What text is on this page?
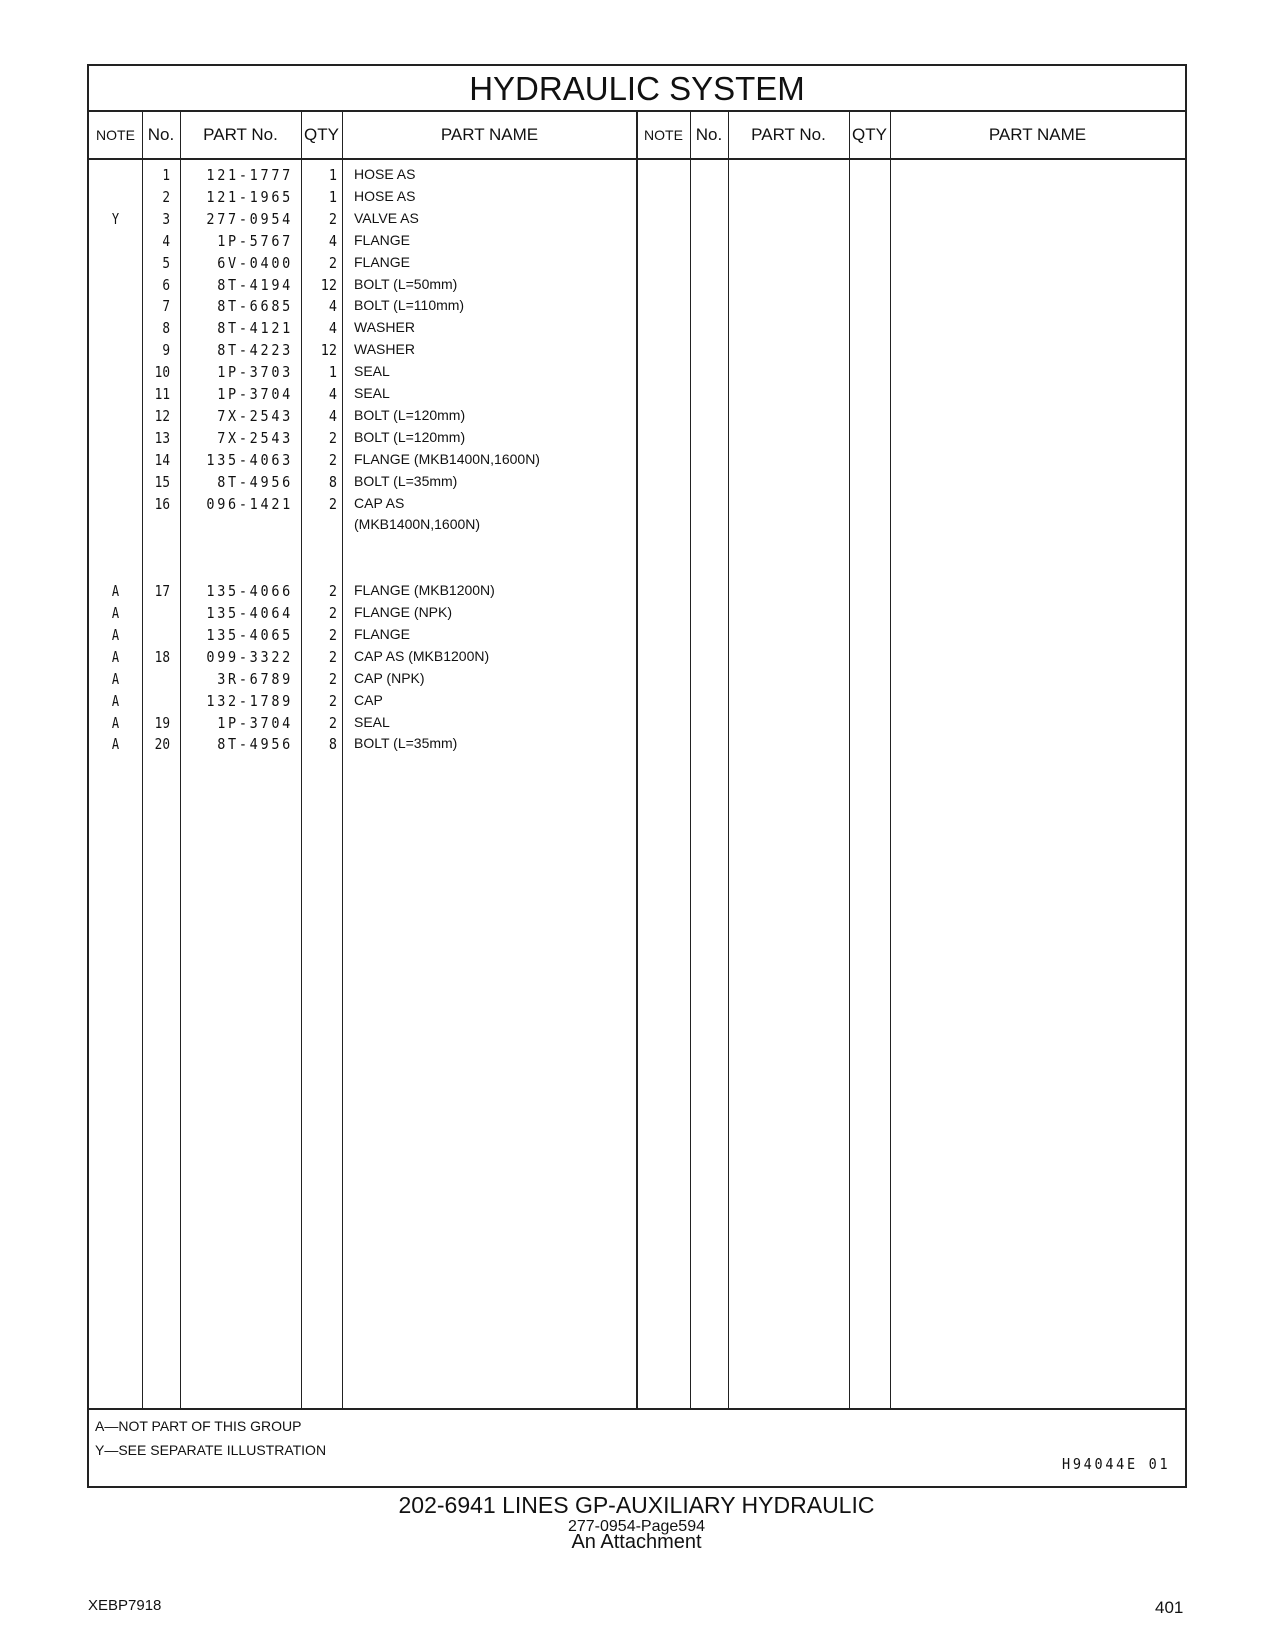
HYDRAULIC SYSTEM
NOTE No.	PART No.	QTY	PART NAME	NOTE No.	PART No.	QTY	PART NAME
1	121-1777	1 HOSE AS
2	121-1965	1 HOSE AS
Y	3	277-0954	2 VALVE AS
4	1P-5767	4 FLANGE
5	6V-0400	2 FLANGE
6	8T-4194	12 BOLT (L=50mm)
7	8T-6685	4 BOLT (L=110mm)
8	8T-4121	4 WASHER
9	8T-4223	12 WASHER
10	1P-3703	1 SEAL
11	1P-3704	4 SEAL
12	7X-2543	4 BOLT (L=120mm)
13	7X-2543	2 BOLT (L=120mm)
14	135-4063	2 FLANGE (MKB1400N,1600N)
15	8T-4956	8 BOLT (L=35mm)
16	096-1421	2 CAP AS
(MKB1400N,1600N)
A	17	135-4066	2 FLANGE (MKB1200N)
A	135-4064	2 FLANGE (NPK)
A	135-4065	2 FLANGE
A	18	099-3322	2 CAP AS (MKB1200N)
A	3R-6789	2 CAP (NPK)
A	132-1789	2 CAP
A	19	1P-3704	2 SEAL
A	20	8T-4956	8 BOLT (L=35mm)
A―NOT PART OF THIS GROUP
Y―SEE SEPARATE ILLUSTRATION
H94044E 01
202-6941 LINES GP-AUXILIARY HYDRAULIC
277-0954-Page594
An Attachment
XEBP7918	401
